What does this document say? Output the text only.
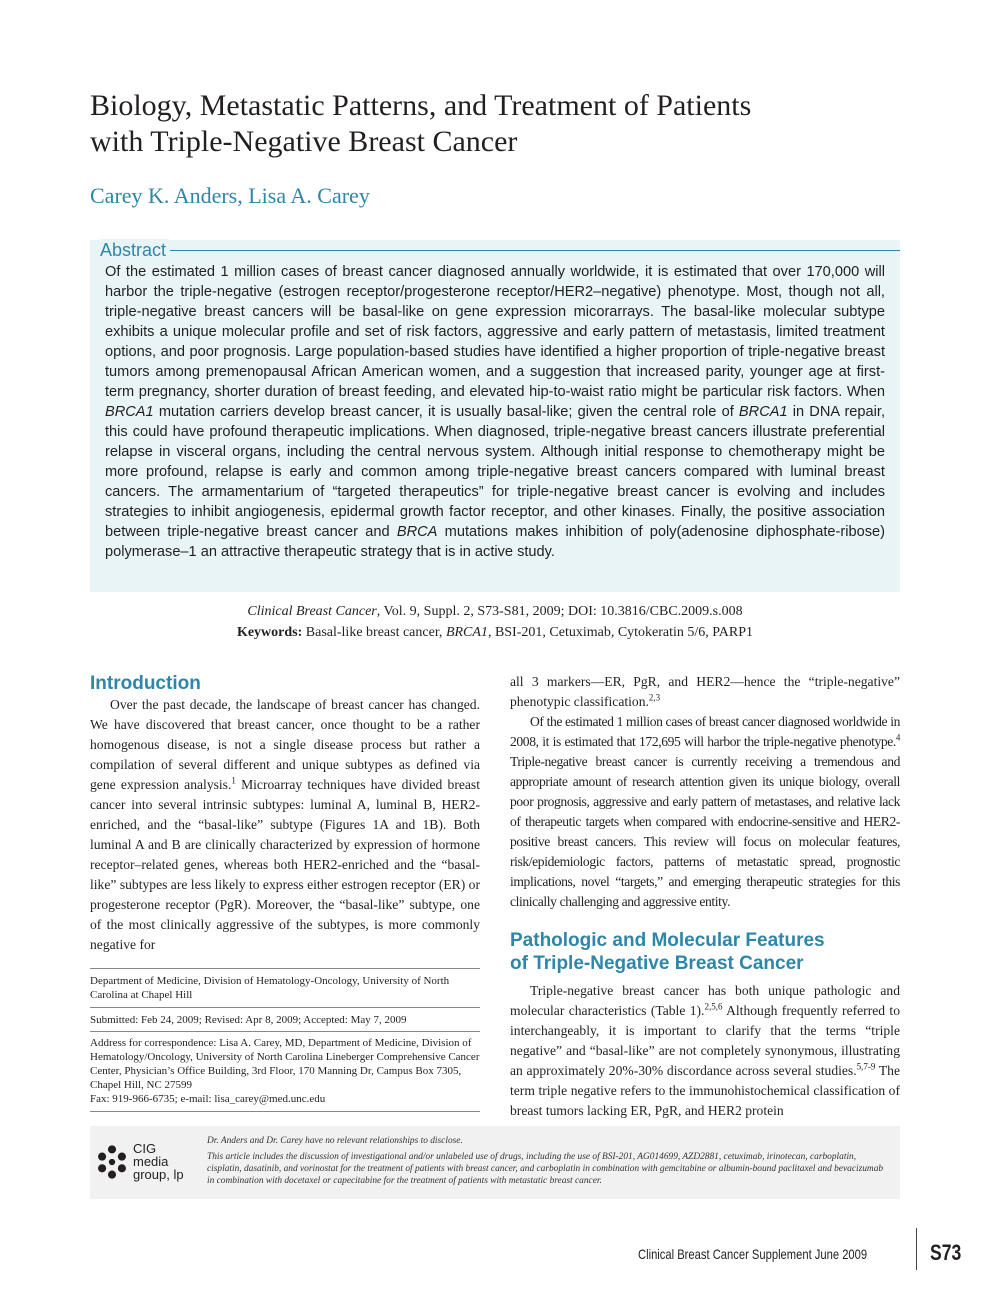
Biology, Metastatic Patterns, and Treatment of Patients
with Triple-Negative Breast Cancer
Carey K. Anders, Lisa A. Carey
Abstract

Of the estimated 1 million cases of breast cancer diagnosed annually worldwide, it is estimated that over 170,000 will harbor the triple-negative (estrogen receptor/progesterone receptor/HER2–negative) phenotype. Most, though not all, triple-negative breast cancers will be basal-like on gene expression micorarrays. The basal-like molecular subtype exhibits a unique molecular profile and set of risk factors, aggressive and early pattern of metastasis, limited treatment options, and poor prognosis. Large population-based studies have identified a higher proportion of triple-negative breast tumors among premenopausal African American women, and a suggestion that increased parity, younger age at first-term pregnancy, shorter duration of breast feeding, and elevated hip-to-waist ratio might be particular risk factors. When BRCA1 mutation carriers develop breast cancer, it is usually basal-like; given the central role of BRCA1 in DNA repair, this could have profound therapeutic implications. When diagnosed, triple-negative breast cancers illustrate preferential relapse in visceral organs, including the central nervous system. Although initial response to chemotherapy might be more profound, relapse is early and common among triple-negative breast cancers compared with luminal breast cancers. The armamentarium of “targeted therapeutics” for triple-negative breast cancer is evolving and includes strategies to inhibit angiogenesis, epidermal growth factor receptor, and other kinases. Finally, the positive association between triple-negative breast cancer and BRCA mutations makes inhibition of poly(adenosine diphosphate-ribose) polymerase–1 an attractive therapeutic strategy that is in active study.

Clinical Breast Cancer, Vol. 9, Suppl. 2, S73-S81, 2009; DOI: 10.3816/CBC.2009.s.008
Keywords: Basal-like breast cancer, BRCA1, BSI-201, Cetuximab, Cytokeratin 5/6, PARP1
Introduction

Over the past decade, the landscape of breast cancer has changed. We have discovered that breast cancer, once thought to be a rather homogenous disease, is not a single disease process but rather a compilation of several different and unique subtypes as defined via gene expression analysis.$^1$ Microarray techniques have divided breast cancer into several intrinsic subtypes: luminal A, luminal B, HER2-enriched, and the “basal-like” subtype (Figures 1A and 1B). Both luminal A and B are clinically characterized by expression of hormone receptor–related genes, whereas both HER2-enriched and the “basal-like” subtypes are less likely to express either estrogen receptor (ER) or progesterone receptor (PgR). Moreover, the “basal-like” subtype, one of the most clinically aggressive of the subtypes, is more commonly negative for

Department of Medicine, Division of Hematology-Oncology, University of North Carolina at Chapel Hill
Submitted: Feb 24, 2009; Revised: Apr 8, 2009; Accepted: May 7, 2009
Address for correspondence: Lisa A. Carey, MD, Department of Medicine, Division of Hematology/Oncology, University of North Carolina Lineberger Comprehensive Cancer Center, Physician’s Office Building, 3rd Floor, 170 Manning Dr, Campus Box 7305, Chapel Hill, NC 27599
Fax: 919-966-6735; e-mail: lisa_carey@med.unc.edu

all 3 markers—ER, PgR, and HER2—hence the “triple-negative” phenotypic classification.$^{2,3}$

Of the estimated 1 million cases of breast cancer diagnosed worldwide in 2008, it is estimated that 172,695 will harbor the triple-negative phenotype.$^4$ Triple-negative breast cancer is currently receiving a tremendous and appropriate amount of research attention given its unique biology, overall poor prognosis, aggressive and early pattern of metastases, and relative lack of therapeutic targets when compared with endocrine-sensitive and HER2-positive breast cancers. This review will focus on molecular features, risk/epidemiologic factors, patterns of metastatic spread, prognostic implications, novel “targets,” and emerging therapeutic strategies for this clinically challenging and aggressive entity.

Pathologic and Molecular Features
of Triple-Negative Breast Cancer

Triple-negative breast cancer has both unique pathologic and molecular characteristics (Table 1).$^{2,5,6}$ Although frequently referred to interchangeably, it is important to clarify that the terms “triple negative” and “basal-like” are not completely synonymous, illustrating an approximately 20%-30% discordance across several studies.$^{5,7-9}$ The term triple negative refers to the immunohistochemical classification of breast tumors lacking ER, PgR, and HER2 protein

CIG
media
group, lp
Dr. Anders and Dr. Carey have no relevant relationships to disclose.
This article includes the discussion of investigational and/or unlabeled use of drugs, including the use of BSI-201, AG014699, AZD2881, cetuximab, irinotecan, carboplatin, cisplatin, dasatinib, and vorinostat for the treatment of patients with breast cancer, and carboplatin in combination with gemcitabine or albumin-bound paclitaxel and bevacizumab in combination with docetaxel or capecitabine for the treatment of patients with metastatic breast cancer.
Clinical Breast Cancer Supplement June 2009	S73
